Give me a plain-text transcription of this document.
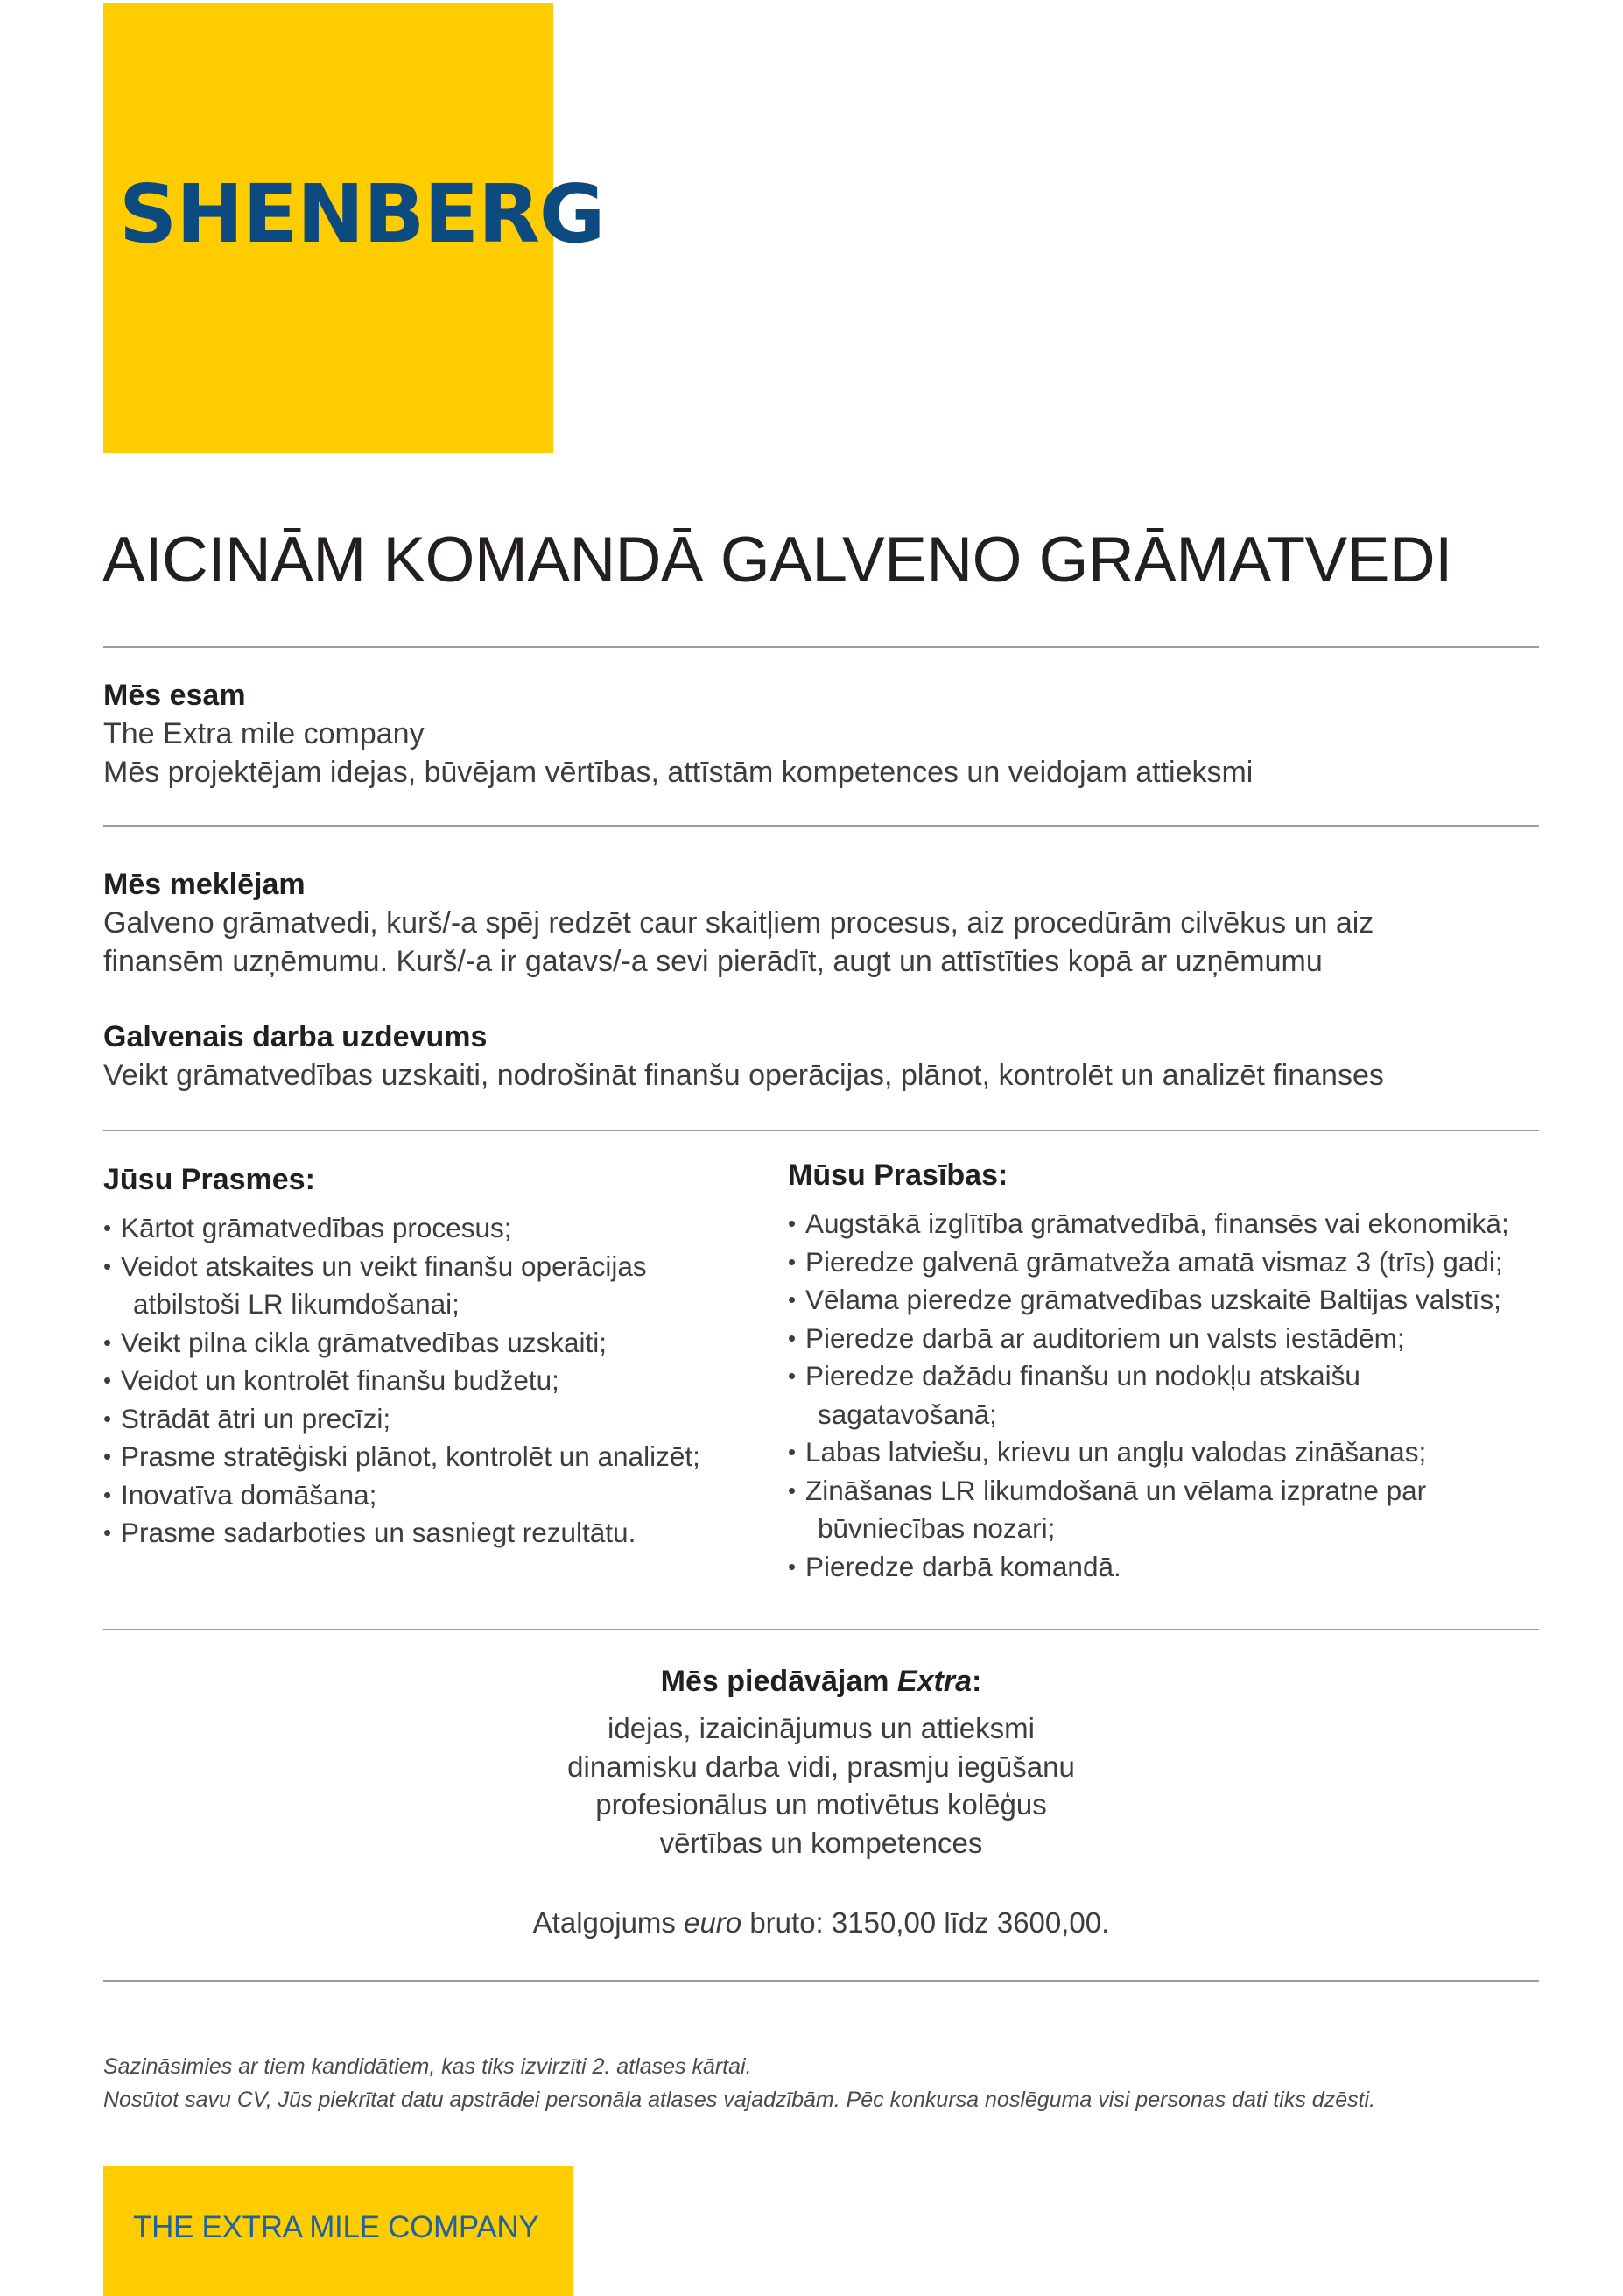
SHENBERG
AICINĀM KOMANDĀ GALVENO GRĀMATVEDI

Mēs esam

The Extra mile company

Mēs projektējam idejas, būvējam vērtības, attīstām kompetences un veidojam attieksmi

Mēs meklējam

Galveno grāmatvedi, kurš/-a spēj redzēt caur skaitļiem procesus, aiz procedūrām cilvēkus un aiz

finansēm uzņēmumu. Kurš/-a ir gatavs/-a sevi pierādīt, augt un attīstīties kopā ar uzņēmumu

Galvenais darba uzdevums

Veikt grāmatvedības uzskaiti, nodrošināt finanšu operācijas, plānot, kontrolēt un analizēt finanses

Jūsu Prasmes:

• Kārtot grāmatvedības procesus;
• Veidot atskaites un veikt finanšu operācijas
atbilstoši LR likumdošanai;
• Veikt pilna cikla grāmatvedības uzskaiti;
• Veidot un kontrolēt finanšu budžetu;
• Strādāt ātri un precīzi;
• Prasme stratēģiski plānot, kontrolēt un analizēt;
• Inovatīva domāšana;
• Prasme sadarboties un sasniegt rezultātu.

Mūsu Prasības:

• Augstākā izglītība grāmatvedībā, finansēs vai ekonomikā;
• Pieredze galvenā grāmatveža amatā vismaz 3 (trīs) gadi;
• Vēlama pieredze grāmatvedības uzskaitē Baltijas valstīs;
• Pieredze darbā ar auditoriem un valsts iestādēm;
• Pieredze dažādu finanšu un nodokļu atskaišu
sagatavošanā;
• Labas latviešu, krievu un angļu valodas zināšanas;
• Zināšanas LR likumdošanā un vēlama izpratne par
būvniecības nozari;
• Pieredze darbā komandā.

Mēs piedāvājam Extra:

idejas, izaicinājumus un attieksmi

dinamisku darba vidi, prasmju iegūšanu

profesionālus un motivētus kolēģus

vērtības un kompetences

Atalgojums euro bruto: 3150,00 līdz 3600,00.

Sazināsimies ar tiem kandidātiem, kas tiks izvirzīti 2. atlases kārtai.

Nosūtot savu CV, Jūs piekrītat datu apstrādei personāla atlases vajadzībām. Pēc konkursa noslēguma visi personas dati tiks dzēsti.

THE EXTRA MILE COMPANY
